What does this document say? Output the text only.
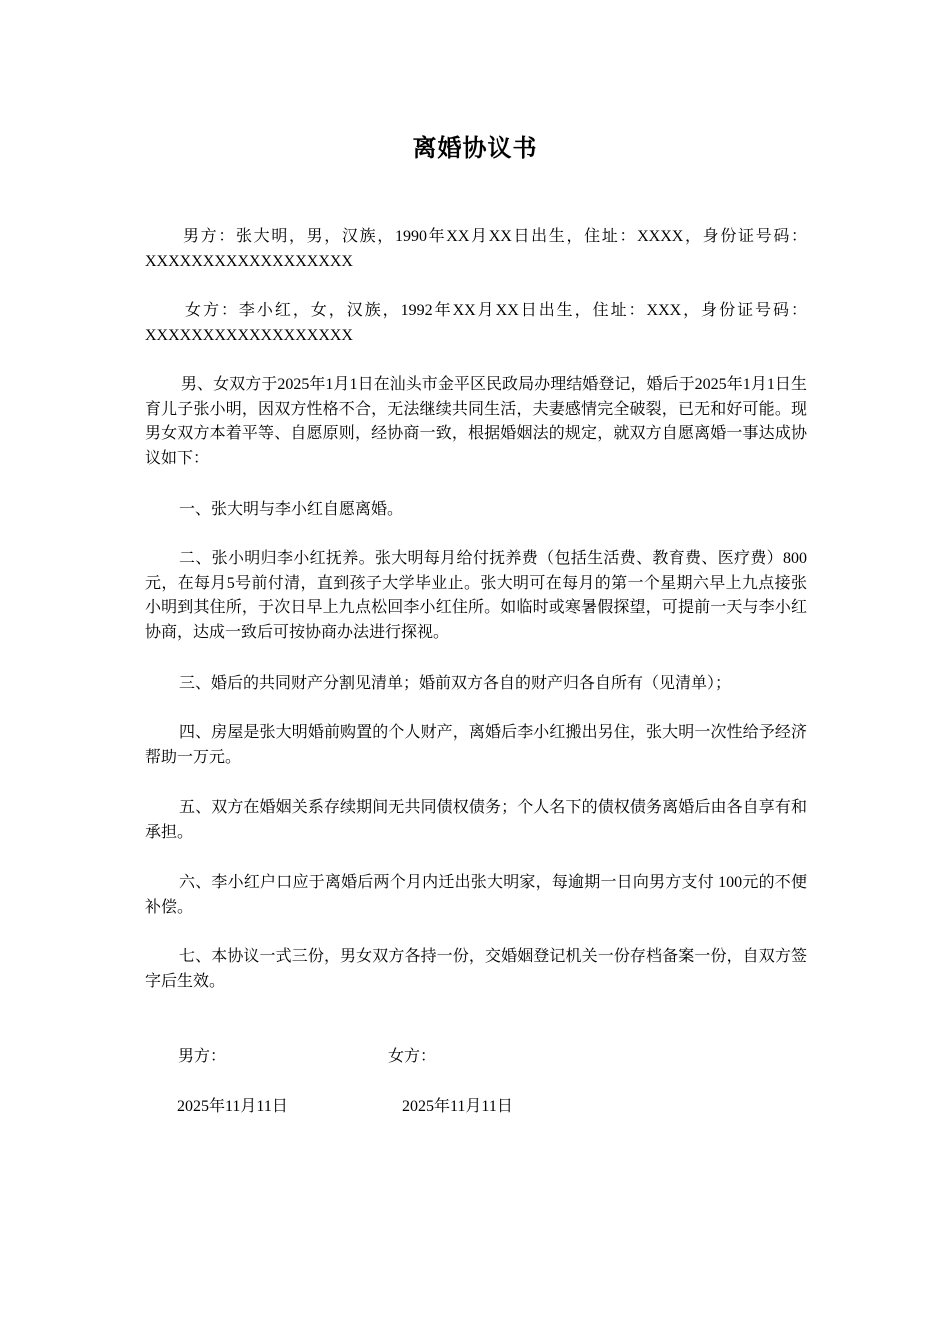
离婚协议书

男方：张大明，男，汉族，1990年XX月XX日出生，住址：XXXX，身份证号码：XXXXXXXXXXXXXXXXXX

女方：李小红，女，汉族，1992年XX月XX日出生，住址：XXX，身份证号码：XXXXXXXXXXXXXXXXXX

男、女双方于2025年1月1日在汕头市金平区民政局办理结婚登记，婚后于2025年1月1日生育儿子张小明，因双方性格不合，无法继续共同生活，夫妻感情完全破裂，已无和好可能。现男女双方本着平等、自愿原则，经协商一致，根据婚姻法的规定，就双方自愿离婚一事达成协议如下：

一、张大明与李小红自愿离婚。

二、张小明归李小红抚养。张大明每月给付抚养费（包括生活费、教育费、医疗费）800元，在每月5号前付清，直到孩子大学毕业止。张大明可在每月的第一个星期六早上九点接张小明到其住所，于次日早上九点松回李小红住所。如临时或寒暑假探望，可提前一天与李小红协商，达成一致后可按协商办法进行探视。

三、婚后的共同财产分割见清单；婚前双方各自的财产归各自所有（见清单）；

四、房屋是张大明婚前购置的个人财产，离婚后李小红搬出另住，张大明一次性给予经济帮助一万元。

五、双方在婚姻关系存续期间无共同债权债务；个人名下的债权债务离婚后由各自享有和承担。

六、李小红户口应于离婚后两个月内迁出张大明家，每逾期一日向男方支付 100元的不便补偿。

七、本协议一式三份，男女双方各持一份，交婚姻登记机关一份存档备案一份，自双方签字后生效。

男方：	女方：
2025年11月11日	2025年11月11日
